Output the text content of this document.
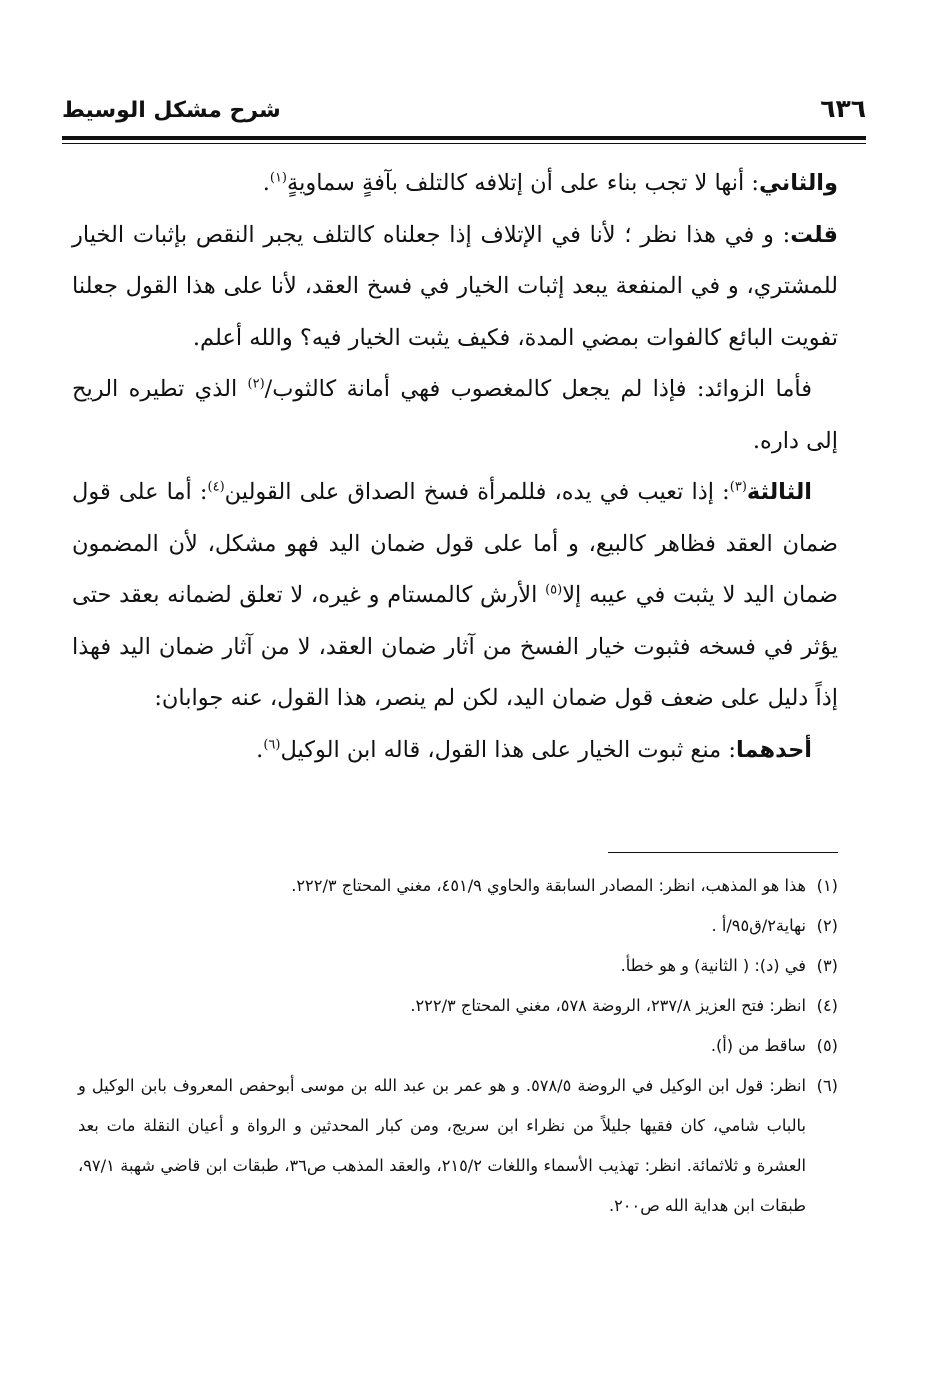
٦٣٦
شرح مشكل الوسيط

والثاني: أنها لا تجب بناء على أن إتلافه كالتلف بآفةٍ سماويةٍ$^{(١)}$.

قلت: و في هذا نظر ؛ لأنا في الإتلاف إذا جعلناه كالتلف يجبر النقص بإثبات الخيار للمشتري، و في المنفعة يبعد إثبات الخيار في فسخ العقد، لأنا على هذا القول جعلنا تفويت البائع كالفوات بمضي المدة، فكيف يثبت الخيار فيه؟ والله أعلم.

فأما الزوائد: فإذا لم يجعل كالمغصوب فهي أمانة كالثوب/$^{(٢)}$ الذي تطيره الريح إلى داره.

الثالثة$^{(٣)}$: إذا تعيب في يده، فللمرأة فسخ الصداق على القولين$^{(٤)}$: أما على قول ضمان العقد فظاهر كالبيع، و أما على قول ضمان اليد فهو مشكل، لأن المضمون ضمان اليد لا يثبت في عيبه إلا$^{(٥)}$ الأرش كالمستام و غيره، لا تعلق لضمانه بعقد حتى يؤثر في فسخه فثبوت خيار الفسخ من آثار ضمان العقد، لا من آثار ضمان اليد فهذا إذاً دليل على ضعف قول ضمان اليد، لكن لم ينصر، هذا القول، عنه جوابان:

أحدهما: منع ثبوت الخيار على هذا القول، قاله ابن الوكيل$^{(٦)}$.

(١)
هذا هو المذهب، انظر: المصادر السابقة والحاوي ٤٥١/٩، مغني المحتاج ٢٢٢/٣.

(٢)
نهاية٢/ق٩٥/أ .

(٣)
في (د): ( الثانية) و هو خطأ.

(٤)
انظر: فتح العزيز ٢٣٧/٨، الروضة ٥٧٨، مغني المحتاج ٢٢٢/٣.

(٥)
ساقط من (أ).

(٦)
انظر: قول ابن الوكيل في الروضة ٥٧٨/٥. و هو عمر بن عبد الله بن موسى أبوحفص المعروف بابن الوكيل و بالباب شامي، كان فقيها جليلاً من نظراء ابن سريج، ومن كبار المحدثين و الرواة و أعيان النقلة مات بعد العشرة و ثلاثمائة. انظر: تهذيب الأسماء واللغات ٢١٥/٢، والعقد المذهب ص٣٦، طبقات ابن قاضي شهبة ٩٧/١، طبقات ابن هداية الله ص٢٠٠.
